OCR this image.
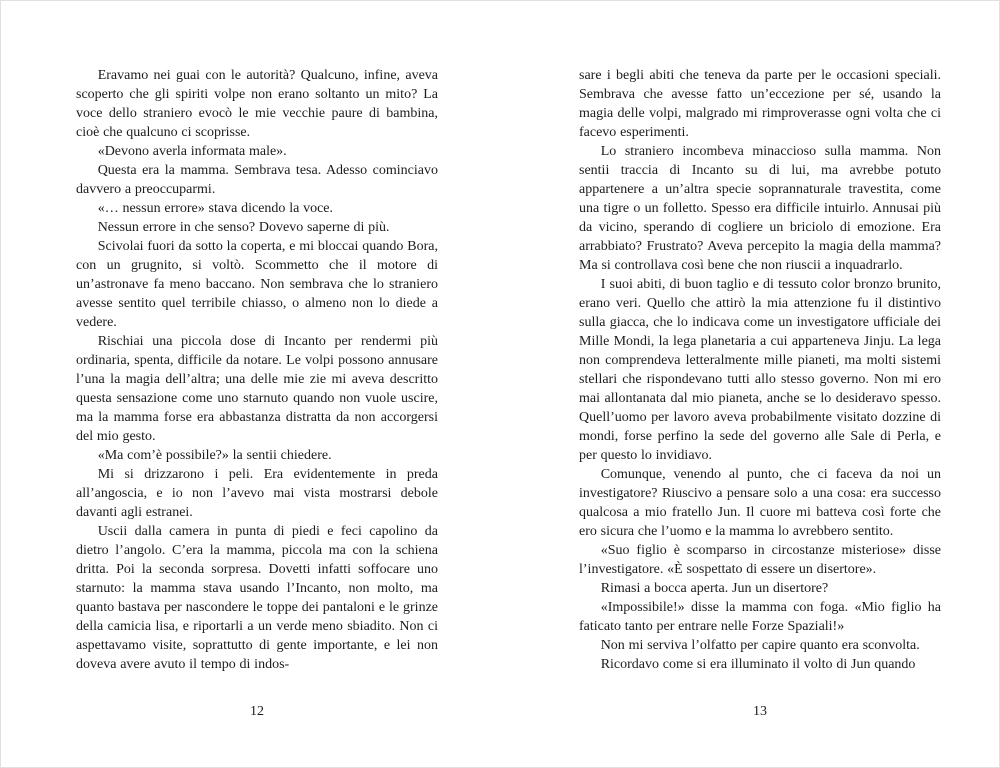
Eravamo nei guai con le autorità? Qualcuno, infine, aveva scoperto che gli spiriti volpe non erano soltanto un mito? La voce dello straniero evocò le mie vecchie paure di bambina, cioè che qualcuno ci scoprisse.

«Devono averla informata male».

Questa era la mamma. Sembrava tesa. Adesso cominciavo davvero a preoccuparmi.

«… nessun errore» stava dicendo la voce.

Nessun errore in che senso? Dovevo saperne di più.

Scivolai fuori da sotto la coperta, e mi bloccai quando Bora, con un grugnito, si voltò. Scommetto che il motore di un’astronave fa meno baccano. Non sembrava che lo straniero avesse sentito quel terribile chiasso, o almeno non lo diede a vedere.

Rischiai una piccola dose di Incanto per rendermi più ordinaria, spenta, difficile da notare. Le volpi possono annusare l’una la magia dell’altra; una delle mie zie mi aveva descritto questa sensazione come uno starnuto quando non vuole uscire, ma la mamma forse era abbastanza distratta da non accorgersi del mio gesto.

«Ma com’è possibile?» la sentii chiedere.

Mi si drizzarono i peli. Era evidentemente in preda all’angoscia, e io non l’avevo mai vista mostrarsi debole davanti agli estranei.

Uscii dalla camera in punta di piedi e feci capolino da dietro l’angolo. C’era la mamma, piccola ma con la schiena dritta. Poi la seconda sorpresa. Dovetti infatti soffocare uno starnuto: la mamma stava usando l’Incanto, non molto, ma quanto bastava per nascondere le toppe dei pantaloni e le grinze della camicia lisa, e riportarli a un verde meno sbiadito. Non ci aspettavamo visite, soprattutto di gente importante, e lei non doveva avere avuto il tempo di indos-

sare i begli abiti che teneva da parte per le occasioni speciali. Sembrava che avesse fatto un’eccezione per sé, usando la magia delle volpi, malgrado mi rimproverasse ogni volta che ci facevo esperimenti.

Lo straniero incombeva minaccioso sulla mamma. Non sentii traccia di Incanto su di lui, ma avrebbe potuto appartenere a un’altra specie soprannaturale travestita, come una tigre o un folletto. Spesso era difficile intuirlo. Annusai più da vicino, sperando di cogliere un briciolo di emozione. Era arrabbiato? Frustrato? Aveva percepito la magia della mamma? Ma si controllava così bene che non riuscii a inquadrarlo.

I suoi abiti, di buon taglio e di tessuto color bronzo brunito, erano veri. Quello che attirò la mia attenzione fu il distintivo sulla giacca, che lo indicava come un investigatore ufficiale dei Mille Mondi, la lega planetaria a cui apparteneva Jinju. La lega non comprendeva letteralmente mille pianeti, ma molti sistemi stellari che rispondevano tutti allo stesso governo. Non mi ero mai allontanata dal mio pianeta, anche se lo desideravo spesso. Quell’uomo per lavoro aveva probabilmente visitato dozzine di mondi, forse perfino la sede del governo alle Sale di Perla, e per questo lo invidiavo.

Comunque, venendo al punto, che ci faceva da noi un investigatore? Riuscivo a pensare solo a una cosa: era successo qualcosa a mio fratello Jun. Il cuore mi batteva così forte che ero sicura che l’uomo e la mamma lo avrebbero sentito.

«Suo figlio è scomparso in circostanze misteriose» disse l’investigatore. «È sospettato di essere un disertore».

Rimasi a bocca aperta. Jun un disertore?

«Impossibile!» disse la mamma con foga. «Mio figlio ha faticato tanto per entrare nelle Forze Spaziali!»

Non mi serviva l’olfatto per capire quanto era sconvolta.

Ricordavo come si era illuminato il volto di Jun quando

12	13
